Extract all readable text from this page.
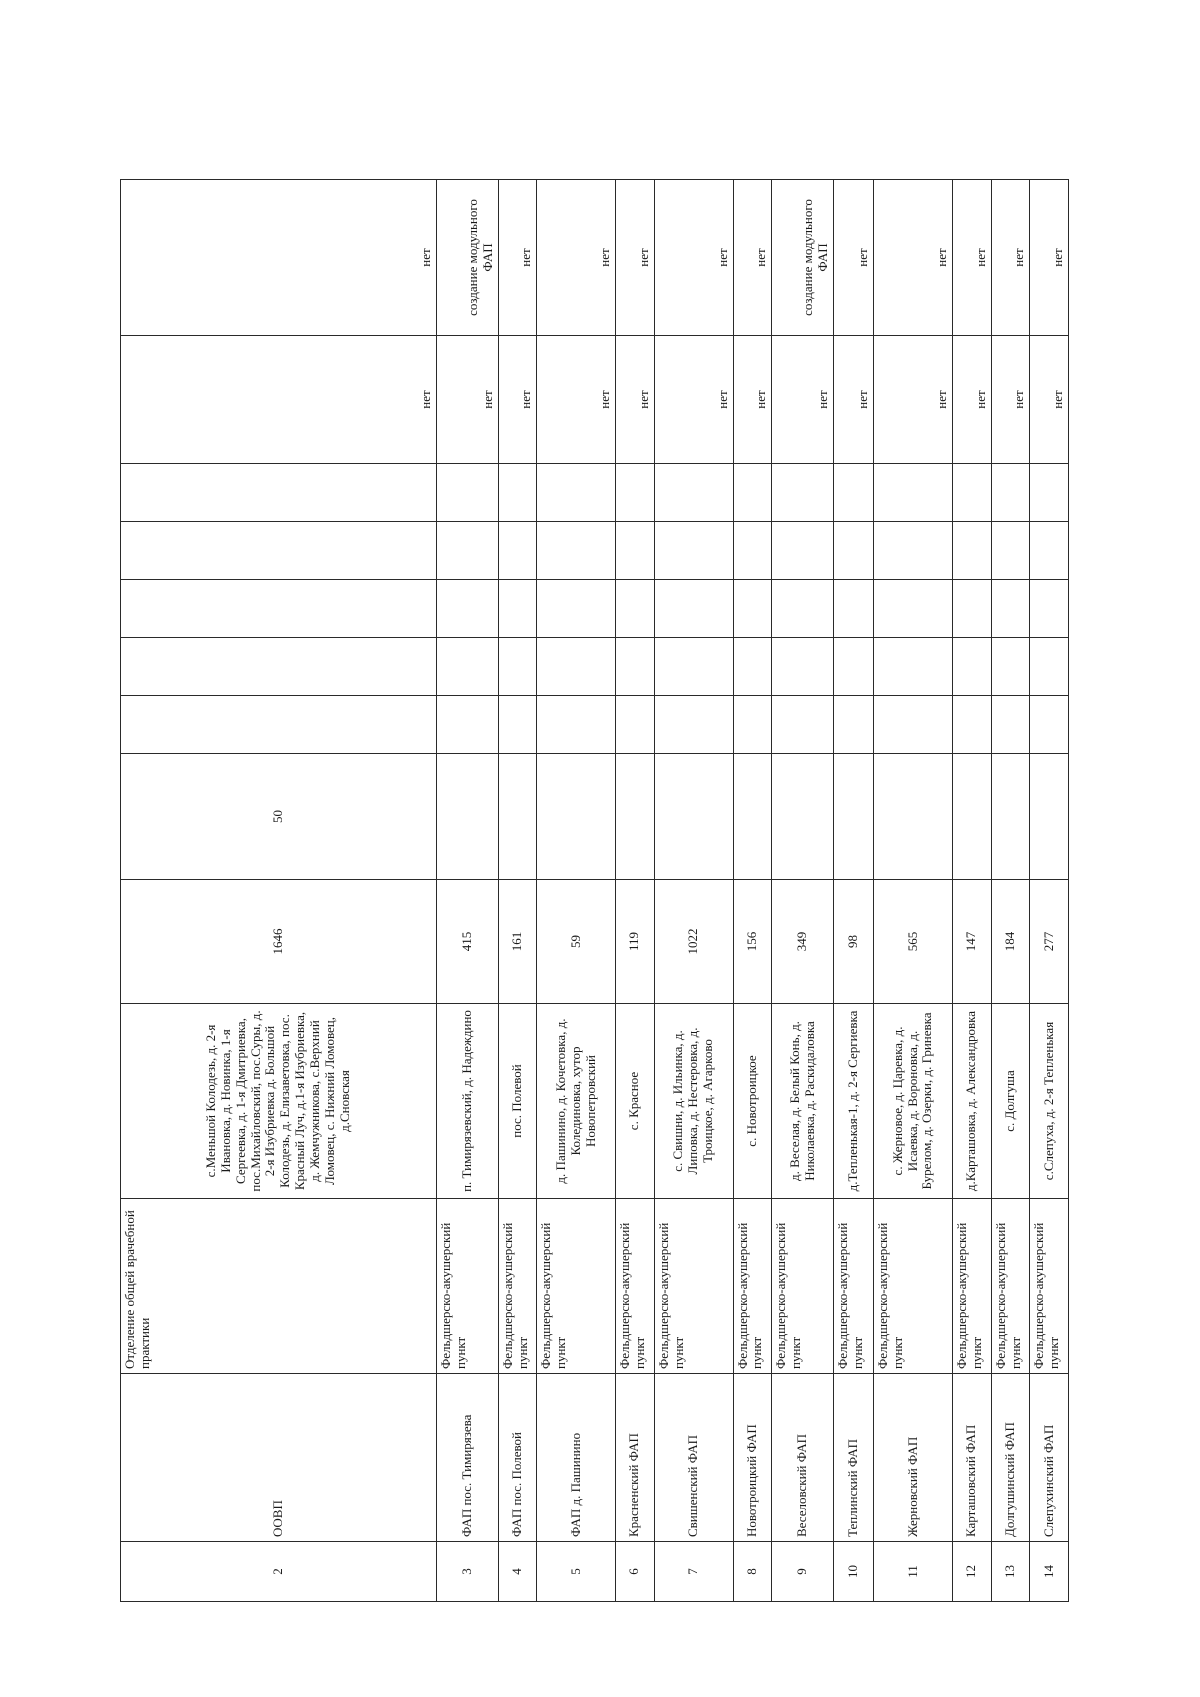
2	ООВП	Отделение общей врачебной практики	с.Меньшой Колодезь, д. 2-я Ивановка, д. Новинка, 1-я Сергеевка, д. 1-я Дмитриевка, пос.Михайловский, пос.Суры, д. 2-я Изубриевка д. Большой Колодезь, д. Елизаветовка, пос. Красный Луч, д.1-я Изубриевка, д. Жемчужникова, с.Верхний Ломовец, с. Нижний Ломовец, д.Сновская	1646	50						нет	нет
3	ФАП пос. Тимирязева	Фельдшерско-акушерский пункт	п. Тимирязевский, д. Надеждино	415							нет	создание модульного ФАП
4	ФАП пос. Полевой	Фельдшерско-акушерский пункт	пос. Полевой	161							нет	нет
5	ФАП д. Пашинино	Фельдшерско-акушерский пункт	д. Пашинино, д. Кочетовка, д. Колединовка, хутор Новопетровский	59							нет	нет
6	Красненский ФАП	Фельдшерско-акушерский пункт	с. Красное	119							нет	нет
7	Свишенский ФАП	Фельдшерско-акушерский пункт	с. Свишни, д. Ильинка, д. Липовка, д. Нестеровка, д. Троицкое, д. Агарково	1022							нет	нет
8	Новотроицкий ФАП	Фельдшерско-акушерский пункт	с. Новотроицкое	156							нет	нет
9	Веселовский ФАП	Фельдшерско-акушерский пункт	д. Веселая, д. Белый Конь, д. Николаевка, д. Раскидаловка	349							нет	создание модульного ФАП
10	Теплинский ФАП	Фельдшерско-акушерский пункт	д.Тепленькая-1, д. 2-я Сергиевка	98							нет	нет
11	Жерновский ФАП	Фельдшерско-акушерский пункт	с. Жерновое, д. Царевка, д. Исаевка, д. Вороновка, д. Бурелом, д. Озерки, д. Гриневка	565							нет	нет
12	Карташовский ФАП	Фельдшерско-акушерский пункт	д.Карташовка, д. Александровка	147							нет	нет
13	Долгушинский ФАП	Фельдшерско-акушерский пункт	с. Долгуша	184							нет	нет
14	Слепухинский ФАП	Фельдшерско-акушерский пункт	с.Слепуха, д. 2-я Тепленькая	277							нет	нет
